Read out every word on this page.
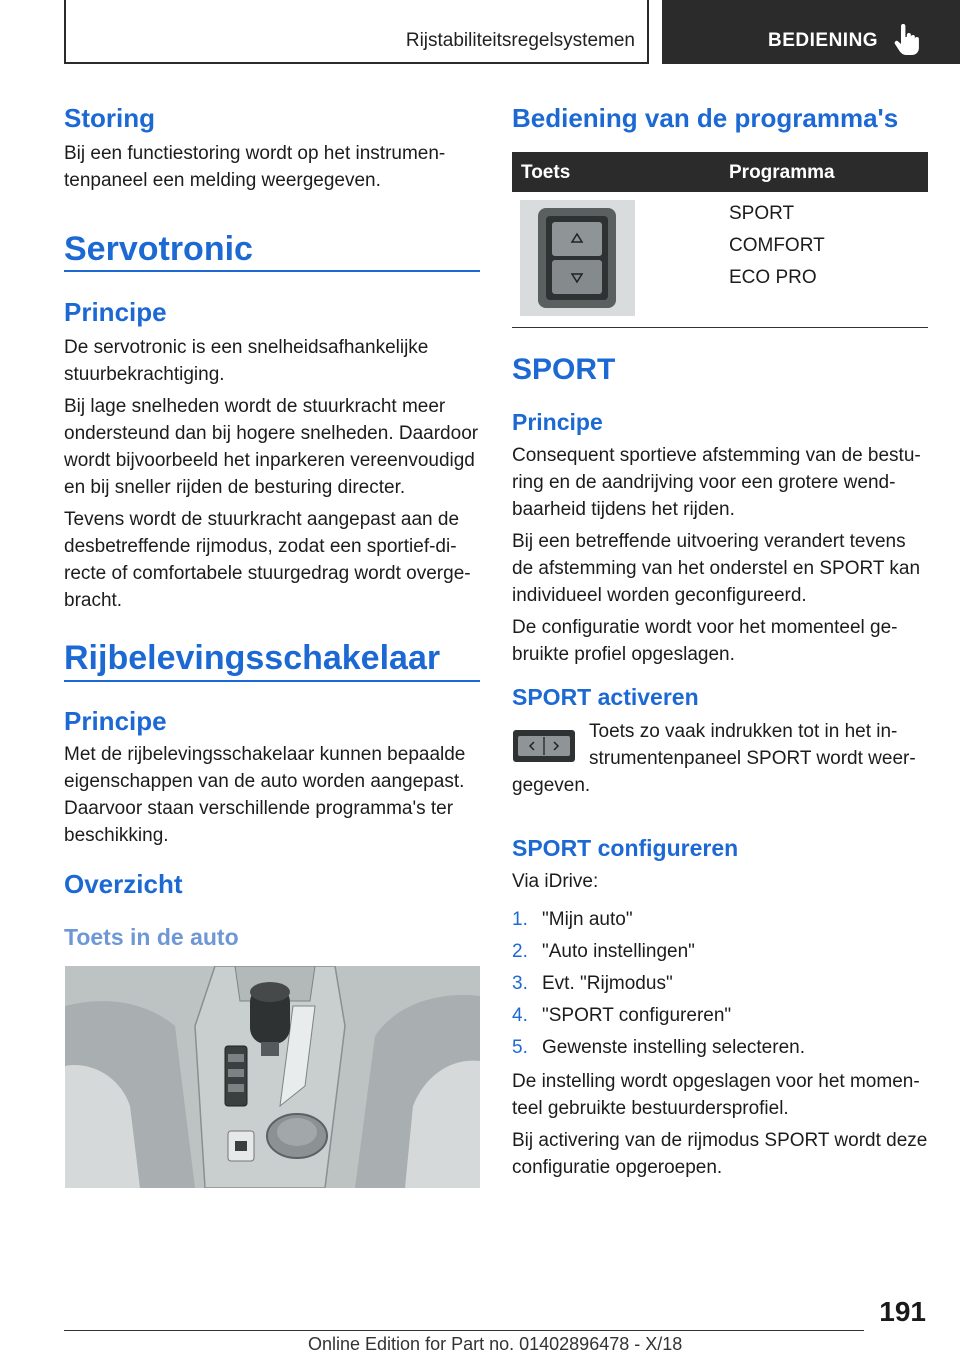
Rijstabiliteitsregelsystemen	BEDIENING
Storing
Bij een functiestoring wordt op het instrumen-tenpaneel een melding weergegeven.
Servotronic
Principe

De servotronic is een snelheidsafhankelijke stuurbekrachtiging.

Bij lage snelheden wordt de stuurkracht meer ondersteund dan bij hogere snelheden. Daardoor wordt bijvoorbeeld het inparkeren vereenvoudigd en bij sneller rijden de besturing directer.

Tevens wordt de stuurkracht aangepast aan de desbetreffende rijmodus, zodat een sportief-di-recte of comfortabele stuurgedrag wordt overge-bracht.

Rijbelevingsschakelaar
Principe
Met de rijbelevingsschakelaar kunnen bepaalde eigenschappen van de auto worden aangepast. Daarvoor staan verschillende programma's ter beschikking.
Overzicht
Toets in de auto
Bediening van de programma's
Toets	Programma
SPORT
COMFORT
ECO PRO
SPORT
Principe

Consequent sportieve afstemming van de bestu-ring en de aandrijving voor een grotere wend-baarheid tijdens het rijden.

Bij een betreffende uitvoering verandert tevens de afstemming van het onderstel en SPORT kan individueel worden geconfigureerd.

De configuratie wordt voor het momenteel ge-bruikte profiel opgeslagen.

SPORT activeren
Toets zo vaak indrukken tot in het in-
strumentenpaneel SPORT wordt weer-
gegeven.
SPORT configureren
Via iDrive:
1. "Mijn auto"
2. "Auto instellingen"
3. Evt. "Rijmodus"
4. "SPORT configureren"
5. Gewenste instelling selecteren.

De instelling wordt opgeslagen voor het momen-teel gebruikte bestuurdersprofiel.

Bij activering van de rijmodus SPORT wordt deze configuratie opgeroepen.

191
Online Edition for Part no. 01402896478 - X/18
